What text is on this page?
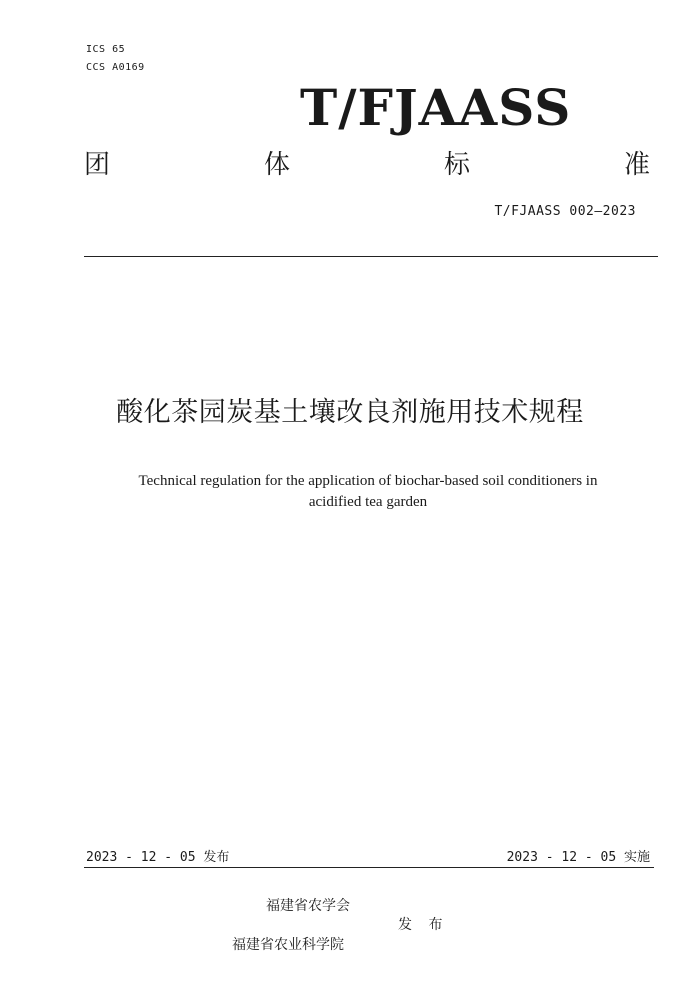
ICS 65
CCS A0169
T/FJAASS
团	体	标	准
T/FJAASS 002—2023
酸化茶园炭基土壤改良剂施用技术规程
Technical regulation for the application of biochar-based soil conditioners in
acidified tea garden
2023 - 12 - 05 发布	2023 - 12 - 05 实施
福建省农学会
福建省农业科学院
发 布
